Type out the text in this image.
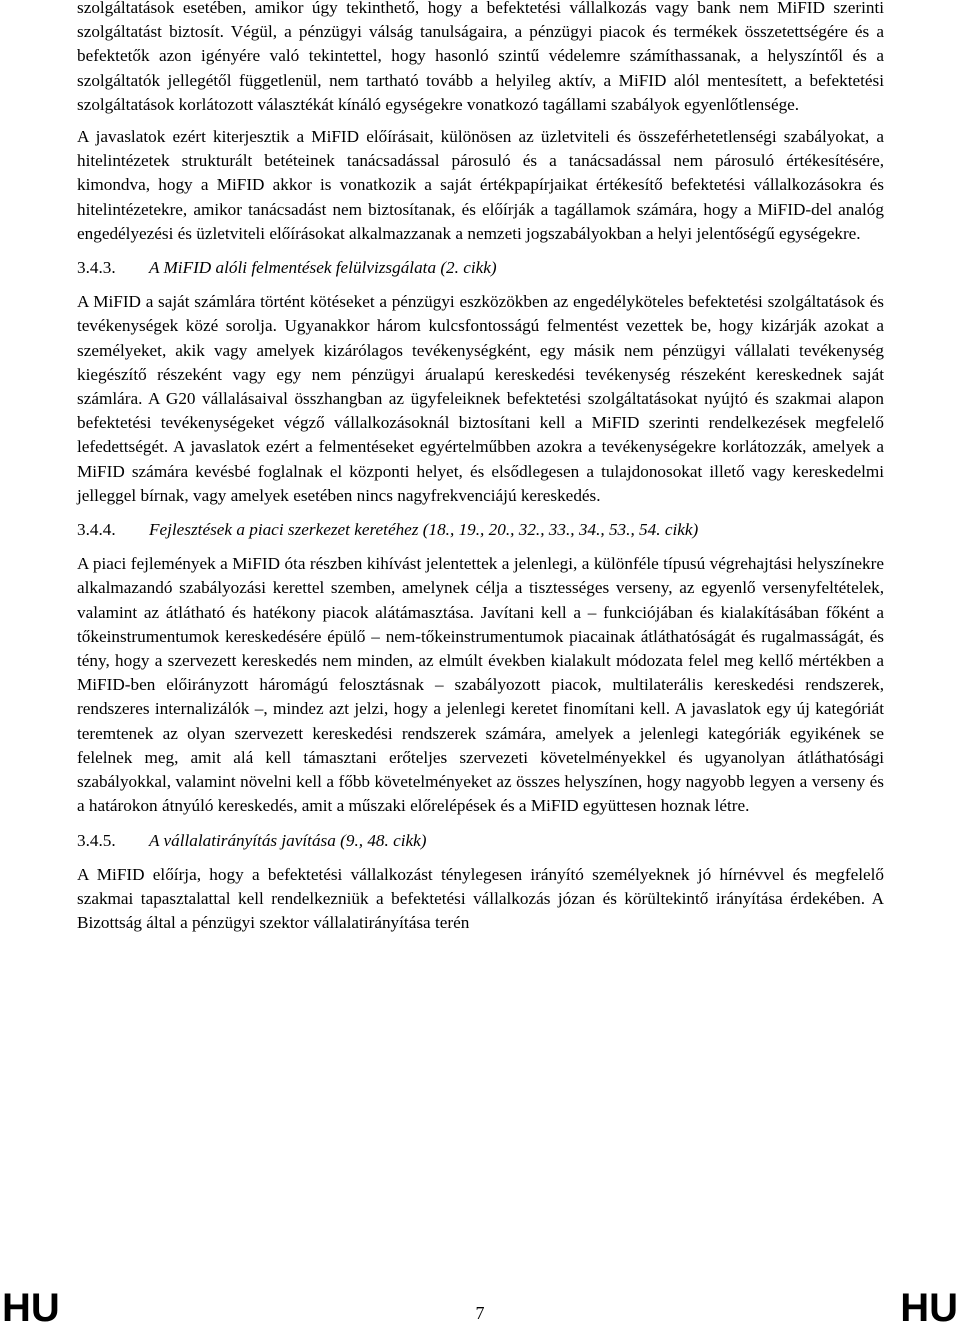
szolgáltatások esetében, amikor úgy tekinthető, hogy a befektetési vállalkozás vagy bank nem MiFID szerinti szolgáltatást biztosít. Végül, a pénzügyi válság tanulságaira, a pénzügyi piacok és termékek összetettségére és a befektetők azon igényére való tekintettel, hogy hasonló szintű védelemre számíthassanak, a helyszíntől és a szolgáltatók jellegétől függetlenül, nem tartható tovább a helyileg aktív, a MiFID alól mentesített, a befektetési szolgáltatások korlátozott választékát kínáló egységekre vonatkozó tagállami szabályok egyenlőtlensége.

A javaslatok ezért kiterjesztik a MiFID előírásait, különösen az üzletviteli és összeférhetetlenségi szabályokat, a hitelintézetek strukturált betéteinek tanácsadással párosuló és a tanácsadással nem párosuló értékesítésére, kimondva, hogy a MiFID akkor is vonatkozik a saját értékpapírjaikat értékesítő befektetési vállalkozásokra és hitelintézetekre, amikor tanácsadást nem biztosítanak, és előírják a tagállamok számára, hogy a MiFID-del analóg engedélyezési és üzletviteli előírásokat alkalmazzanak a nemzeti jogszabályokban a helyi jelentőségű egységekre.

3.4.3.	A MiFID alóli felmentések felülvizsgálata (2. cikk)

A MiFID a saját számlára történt kötéseket a pénzügyi eszközökben az engedélyköteles befektetési szolgáltatások és tevékenységek közé sorolja. Ugyanakkor három kulcsfontosságú felmentést vezettek be, hogy kizárják azokat a személyeket, akik vagy amelyek kizárólagos tevékenységként, egy másik nem pénzügyi vállalati tevékenység kiegészítő részeként vagy egy nem pénzügyi árualapú kereskedési tevékenység részeként kereskednek saját számlára. A G20 vállalásaival összhangban az ügyfeleiknek befektetési szolgáltatásokat nyújtó és szakmai alapon befektetési tevékenységeket végző vállalkozásoknál biztosítani kell a MiFID szerinti rendelkezések megfelelő lefedettségét. A javaslatok ezért a felmentéseket egyértelműbben azokra a tevékenységekre korlátozzák, amelyek a MiFID számára kevésbé foglalnak el központi helyet, és elsődlegesen a tulajdonosokat illető vagy kereskedelmi jelleggel bírnak, vagy amelyek esetében nincs nagyfrekvenciájú kereskedés.

3.4.4.	Fejlesztések a piaci szerkezet keretéhez (18., 19., 20., 32., 33., 34., 53., 54. cikk)

A piaci fejlemények a MiFID óta részben kihívást jelentettek a jelenlegi, a különféle típusú végrehajtási helyszínekre alkalmazandó szabályozási kerettel szemben, amelynek célja a tisztességes verseny, az egyenlő versenyfeltételek, valamint az átlátható és hatékony piacok alátámasztása. Javítani kell a – funkciójában és kialakításában főként a tőkeinstrumentumok kereskedésére épülő – nem-tőkeinstrumentumok piacainak átláthatóságát és rugalmasságát, és tény, hogy a szervezett kereskedés nem minden, az elmúlt években kialakult módozata felel meg kellő mértékben a MiFID-ben előirányzott háromágú felosztásnak – szabályozott piacok, multilaterális kereskedési rendszerek, rendszeres internalizálók –, mindez azt jelzi, hogy a jelenlegi keretet finomítani kell. A javaslatok egy új kategóriát teremtenek az olyan szervezett kereskedési rendszerek számára, amelyek a jelenlegi kategóriák egyikének se felelnek meg, amit alá kell támasztani erőteljes szervezeti követelményekkel és ugyanolyan átláthatósági szabályokkal, valamint növelni kell a főbb követelményeket az összes helyszínen, hogy nagyobb legyen a verseny és a határokon átnyúló kereskedés, amit a műszaki előrelépések és a MiFID együttesen hoznak létre.

3.4.5.	A vállalatirányítás javítása (9., 48. cikk)

A MiFID előírja, hogy a befektetési vállalkozást ténylegesen irányító személyeknek jó hírnévvel és megfelelő szakmai tapasztalattal kell rendelkezniük a befektetési vállalkozás józan és körültekintő irányítása érdekében. A Bizottság által a pénzügyi szektor vállalatirányítása terén

HU	7	HU
